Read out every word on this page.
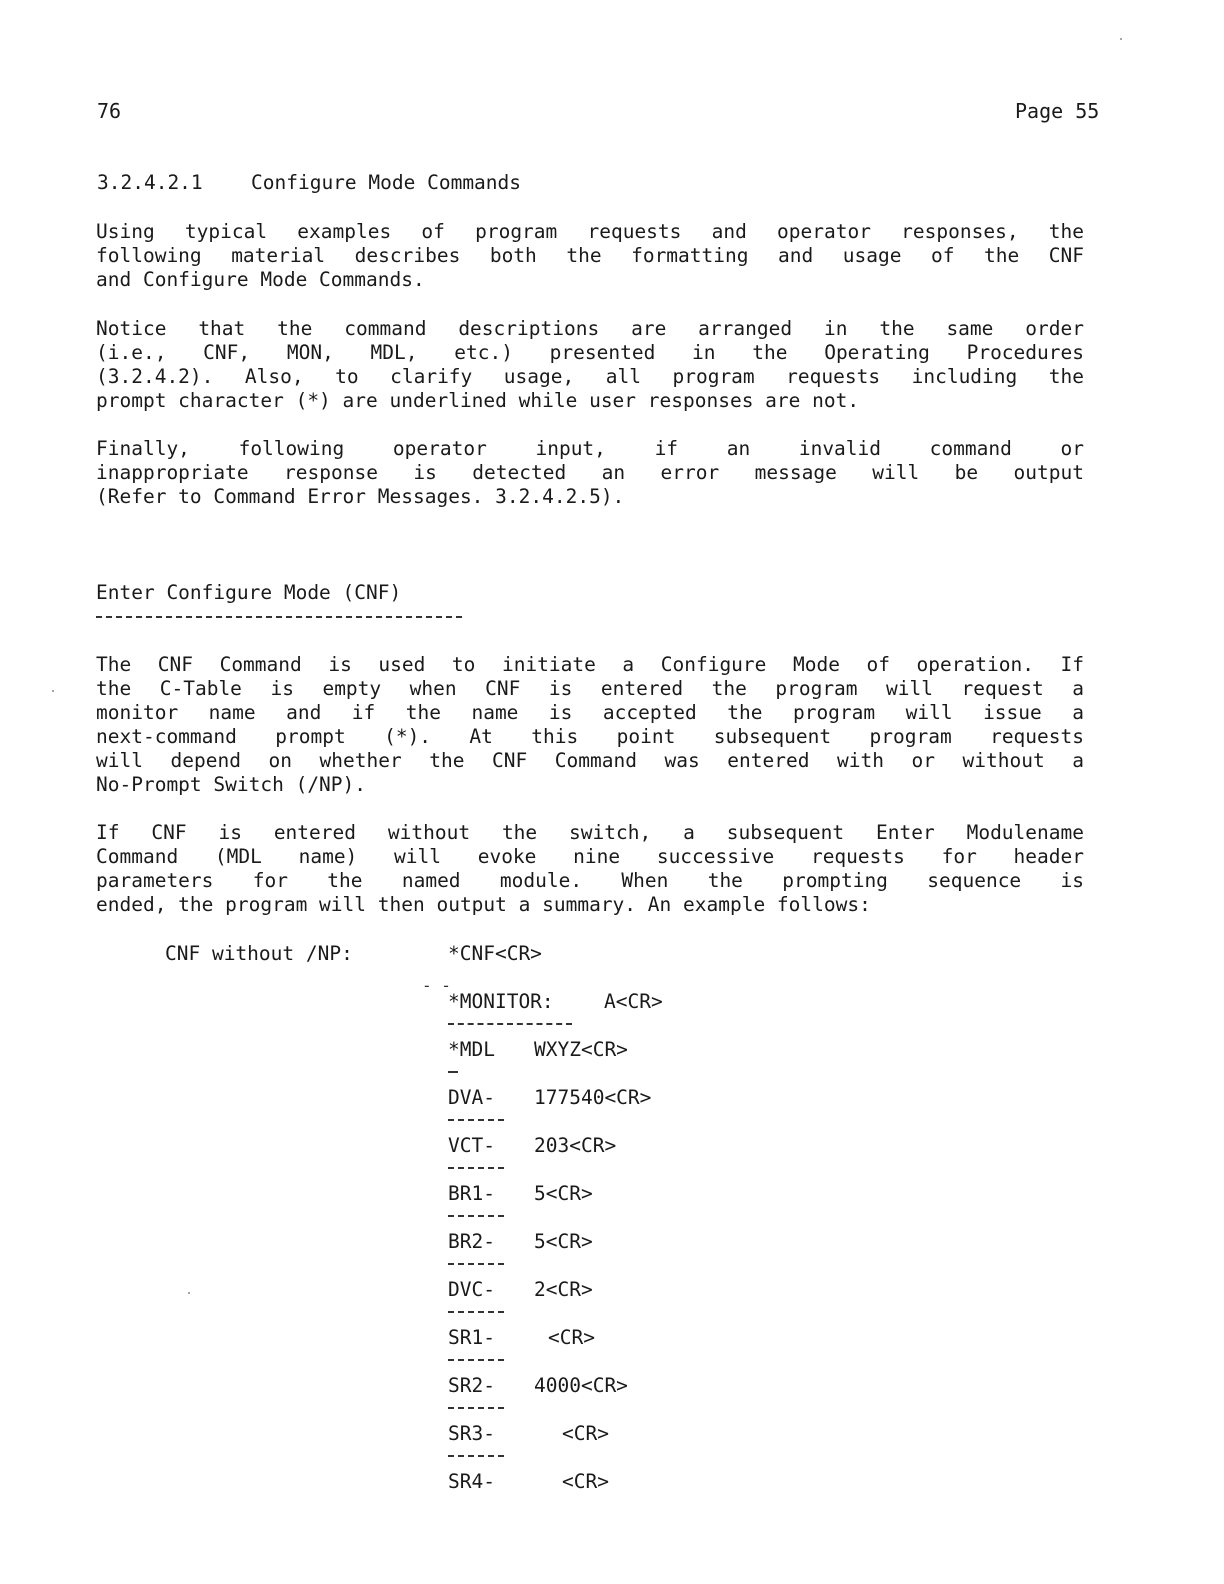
76	Page 55
3.2.4.2.1 Configure Mode Commands
Using typical examples of program requests and operator responses, the
following material describes both the formatting and usage of the CNF
and Configure Mode Commands.
Notice that the command descriptions are arranged in the same order
(i.e., CNF, MON, MDL, etc.) presented in the Operating Procedures
(3.2.4.2). Also, to clarify usage, all program requests including the
prompt character (*) are underlined while user responses are not.
Finally, following operator input, if an invalid command or
inappropriate response is detected an error message will be output
(Refer to Command Error Messages. 3.2.4.2.5).
Enter Configure Mode (CNF)
The CNF Command is used to initiate a Configure Mode of operation. If
the C-Table is empty when CNF is entered the program will request a
monitor name and if the name is accepted the program will issue a
next-command prompt (*). At this point subsequent program requests
will depend on whether the CNF Command was entered with or without a
No-Prompt Switch (/NP).
If CNF is entered without the switch, a subsequent Enter Modulename
Command (MDL name) will evoke nine successive requests for header
parameters for the named module. When the prompting sequence is
ended, the program will then output a summary. An example follows:
CNF without /NP:
- -
*CNF<CR>
*MONITOR:	A<CR>
*MDL WXYZ<CR>
DVA- 177540<CR>
VCT- 203<CR>
BR1- 5<CR>
BR2- 5<CR>
DVC- 2<CR>
SR1-	<CR>
SR2- 4000<CR>
SR3-	<CR>
SR4-	<CR>
